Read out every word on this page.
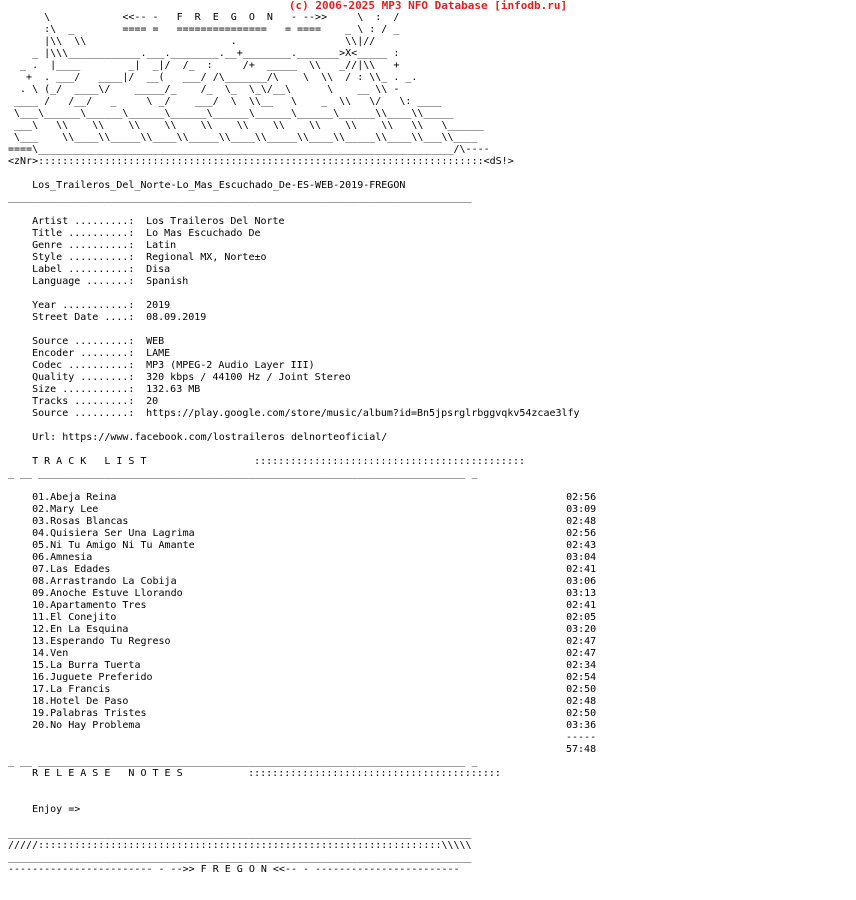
(c) 2006-2025 MP3 NFO Database [infodb.ru]
\            <<-- -   F  R  E  G  O  N   - -->>     \  :  /
:\  _        ==== =   ===============   = ====    _ \ : / _
|\\  \\                        .                  \\|//
_ |\\\____________.___.________.__+________._______>X<_____ :
_ .  |____        _|  _|/  /_  :     /+  _____  \\   _//|\\   +
+  . ___/   ____|/  __(   ___/ /\_______/\    \  \\  / : \\_ . _.
. \ (_/  ____\/    _____/_    /_  \_  \_\/__\      \    __ \\ -
____ /   /__/   _     \ _/    ___/  \  \\__   \    _  \\   \/   \: ____
\___\______\______\______\______\______\______\______\______\\____\\_____
___\   \\    \\    \\    \\    \\    \\    \\    \\    \\    \\   \\   \______
\___    \\____\\_____\\____\\_____\\____\\_____\\____\\_____\\____\\___\\____
====\_____________________________________________________________________/\----
<zNr>::::::::::::::::::::::::::::::::::::::::::::::::::::::::::::::::::::::::::<dS!>

Los_Traileros_Del_Norte-Lo_Mas_Escuchado_De-ES-WEB-2019-FREGON
_____________________________________________________________________________

Artist .........: Los Traileros Del Norte
Title ..........: Lo Mas Escuchado De
Genre ..........: Latin
Style ..........: Regional MX, Norte±o
Label ..........: Disa
Language .......: Spanish

Year ...........: 2019
Street Date ....: 08.09.2019

Source .........: WEB
Encoder ........: LAME
Codec ..........: MP3 (MPEG-2 Audio Layer III)
Quality ........: 320 kbps / 44100 Hz / Joint Stereo
Size ...........: 132.63 MB
Tracks .........: 20
Source .........: https://play.google.com/store/music/album?id=Bn5jpsrglrbggvqkv54zcae3lfy

Url: https://www.facebook.com/lostraileros delnorteoficial/

T R A C K   L I S T	:::::::::::::::::::::::::::::::::::::::::::::
_ __ _______________________________________________________________________ _

01.Abeja Reina	02:56
02.Mary Lee	03:09
03.Rosas Blancas	02:48
04.Quisiera Ser Una Lagrima	02:56
05.Ni Tu Amigo Ni Tu Amante	02:43
06.Amnesia	03:04
07.Las Edades	02:41
08.Arrastrando La Cobija	03:06
09.Anoche Estuve Llorando	03:13
10.Apartamento Tres	02:41
11.El Conejito	02:05
12.En La Esquina	03:20
13.Esperando Tu Regreso	02:47
14.Ven	02:47
15.La Burra Tuerta	02:34
16.Juguete Preferido	02:54
17.La Francis	02:50
18.Hotel De Paso	02:48
19.Palabras Tristes	02:50
20.No Hay Problema	03:36
-----
57:48
_ __ _______________________________________________________________________ _
R E L E A S E   N O T E S	::::::::::::::::::::::::::::::::::::::::::

Enjoy =>

_____________________________________________________________________________
/////:::::::::::::::::::::::::::::::::::::::::::::::::::::::::::::::::::\\\\\
_____________________________________________________________________________
------------------------ - -->> F R E G O N <<-- - ------------------------
